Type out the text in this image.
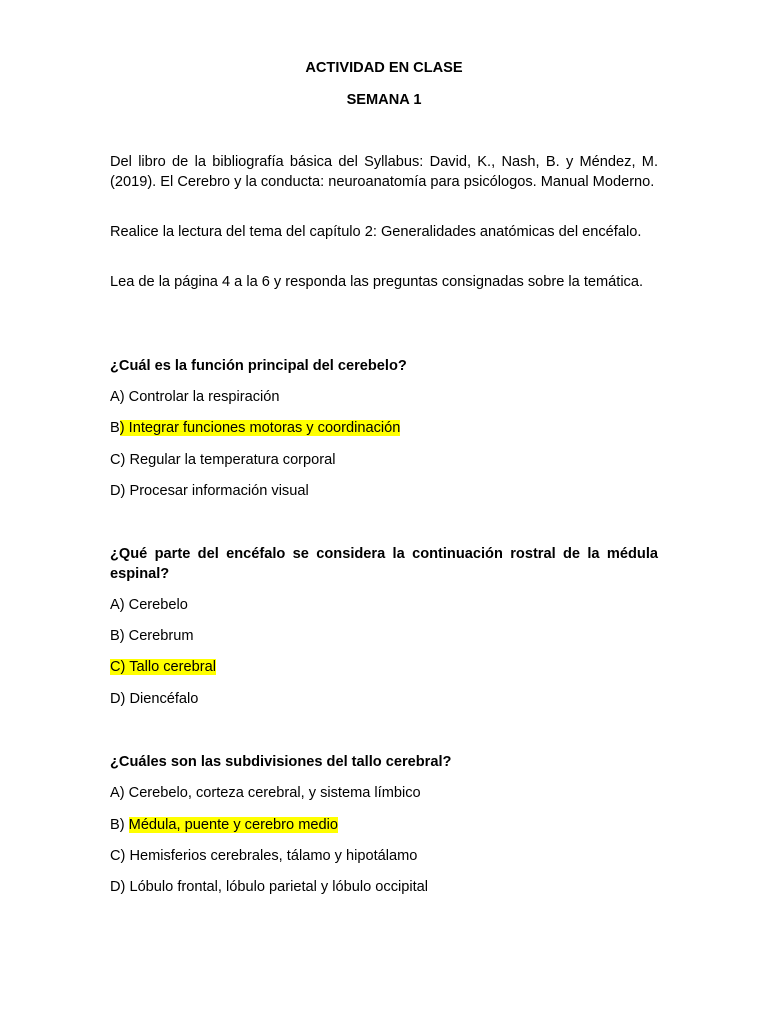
ACTIVIDAD EN CLASE
SEMANA 1

Del libro de la bibliografía básica del Syllabus: David, K., Nash, B. y Méndez, M. (2019). El Cerebro y la conducta: neuroanatomía para psicólogos. Manual Moderno.

Realice la lectura del tema del capítulo 2: Generalidades anatómicas del encéfalo.

Lea de la página 4 a la 6 y responda las preguntas consignadas sobre la temática.

¿Cuál es la función principal del cerebelo?

A) Controlar la respiración

B) Integrar funciones motoras y coordinación

C) Regular la temperatura corporal

D) Procesar información visual

¿Qué parte del encéfalo se considera la continuación rostral de la médula espinal?

A) Cerebelo

B) Cerebrum

C) Tallo cerebral

D) Diencéfalo

¿Cuáles son las subdivisiones del tallo cerebral?

A) Cerebelo, corteza cerebral, y sistema límbico

B) Médula, puente y cerebro medio

C) Hemisferios cerebrales, tálamo y hipotálamo

D) Lóbulo frontal, lóbulo parietal y lóbulo occipital
